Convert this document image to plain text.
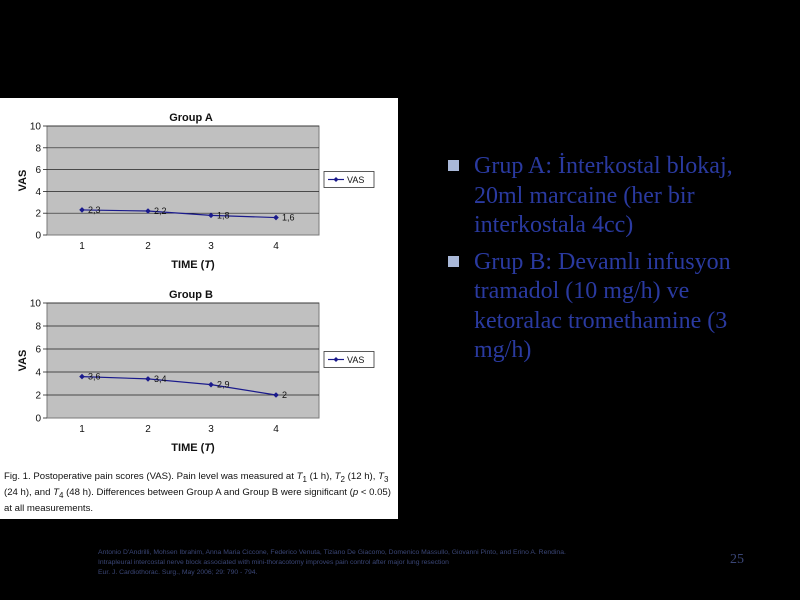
Group A
0
2
4
6
8
10
1	2	3	4
TIME (T)
VAS
2,3	2,2	1,8	1,6
VAS
Group B
0
2
4
6
8
10
1	2	3	4
TIME (T)
VAS
3,6	3,4
2,9
2
VAS

Fig. 1. Postoperative pain scores (VAS). Pain level was measured at $T_1$ (1 h), $T_2$ (12 h), $T_3$ (24 h), and $T_4$ (48 h). Differences between Group A and Group B were significant (p < 0.05) at all measurements.

Grup A: İnterkostal blokaj, 20ml marcaine (her bir interkostala 4cc)
Grup B: Devamlı infusyon tramadol (10 mg/h) ve ketoralac tromethamine (3 mg/h)
Antonio D'Andrilli, Mohsen Ibrahim, Anna Maria Ciccone, Federico Venuta, Tiziano De Giacomo, Domenico Massullo, Giovanni Pinto, and Erino A. Rendina.
Intrapleural intercostal nerve block associated with mini-thoracotomy improves pain control after major lung resection
Eur. J. Cardiothorac. Surg., May 2006; 29: 790 - 794.
25
